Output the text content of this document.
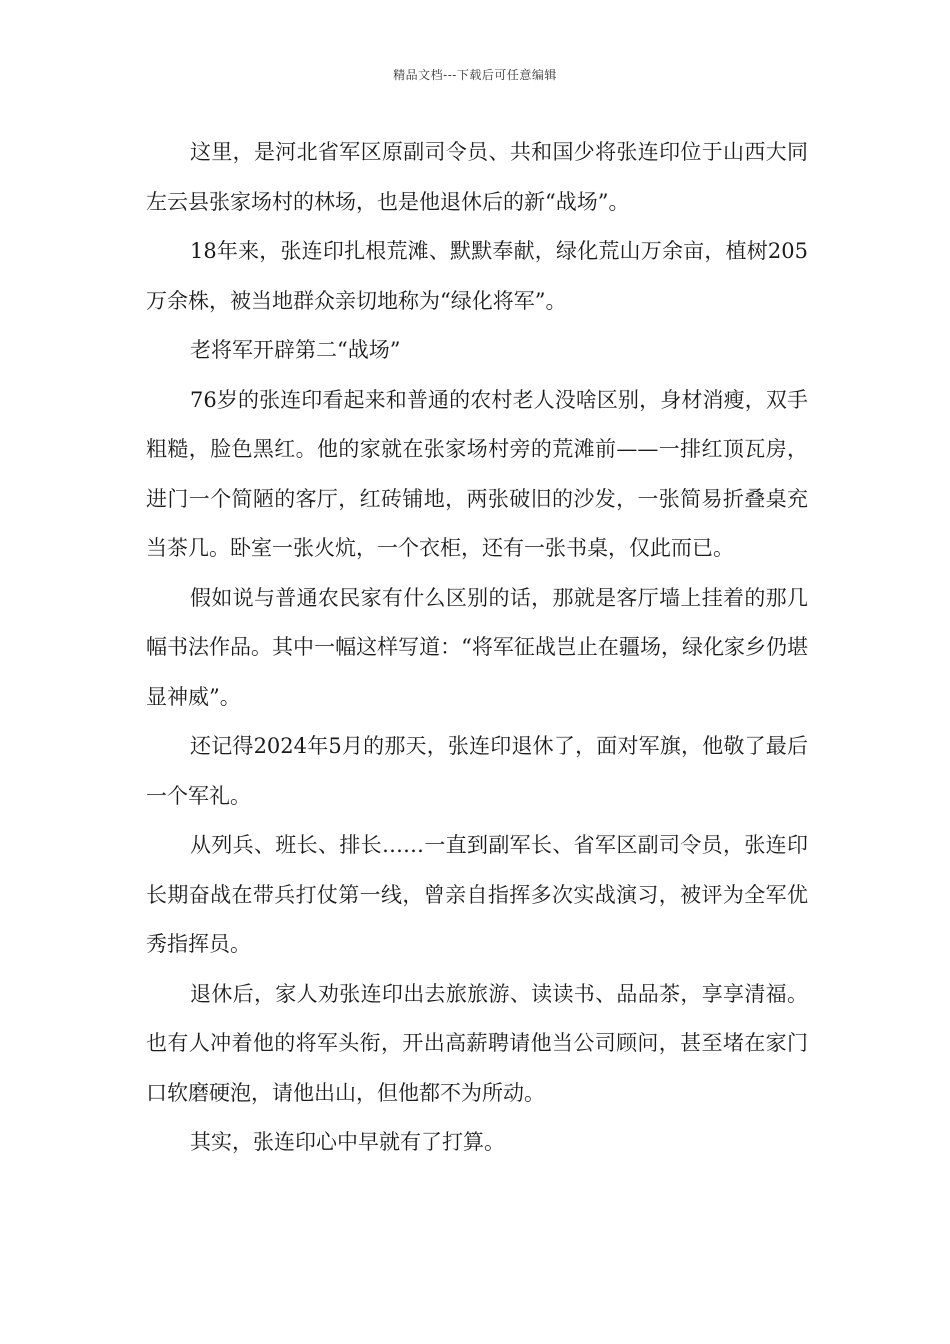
精品文档---下载后可任意编辑

这里，是河北省军区原副司令员、共和国少将张连印位于山西大同左云县张家场村的林场，也是他退休后的新“战场”。

18年来，张连印扎根荒滩、默默奉献，绿化荒山万余亩，植树205万余株，被当地群众亲切地称为“绿化将军”。

老将军开辟第二“战场”

76岁的张连印看起来和普通的农村老人没啥区别，身材消瘦，双手粗糙，脸色黑红。他的家就在张家场村旁的荒滩前——一排红顶瓦房，进门一个简陋的客厅，红砖铺地，两张破旧的沙发，一张简易折叠桌充当茶几。卧室一张火炕，一个衣柜，还有一张书桌，仅此而已。

假如说与普通农民家有什么区别的话，那就是客厅墙上挂着的那几幅书法作品。其中一幅这样写道：“将军征战岂止在疆场，绿化家乡仍堪显神威”。

还记得2024年5月的那天，张连印退休了，面对军旗，他敬了最后一个军礼。

从列兵、班长、排长……一直到副军长、省军区副司令员，张连印长期奋战在带兵打仗第一线，曾亲自指挥多次实战演习，被评为全军优秀指挥员。

退休后，家人劝张连印出去旅旅游、读读书、品品茶，享享清福。也有人冲着他的将军头衔，开出高薪聘请他当公司顾问，甚至堵在家门口软磨硬泡，请他出山，但他都不为所动。

其实，张连印心中早就有了打算。
